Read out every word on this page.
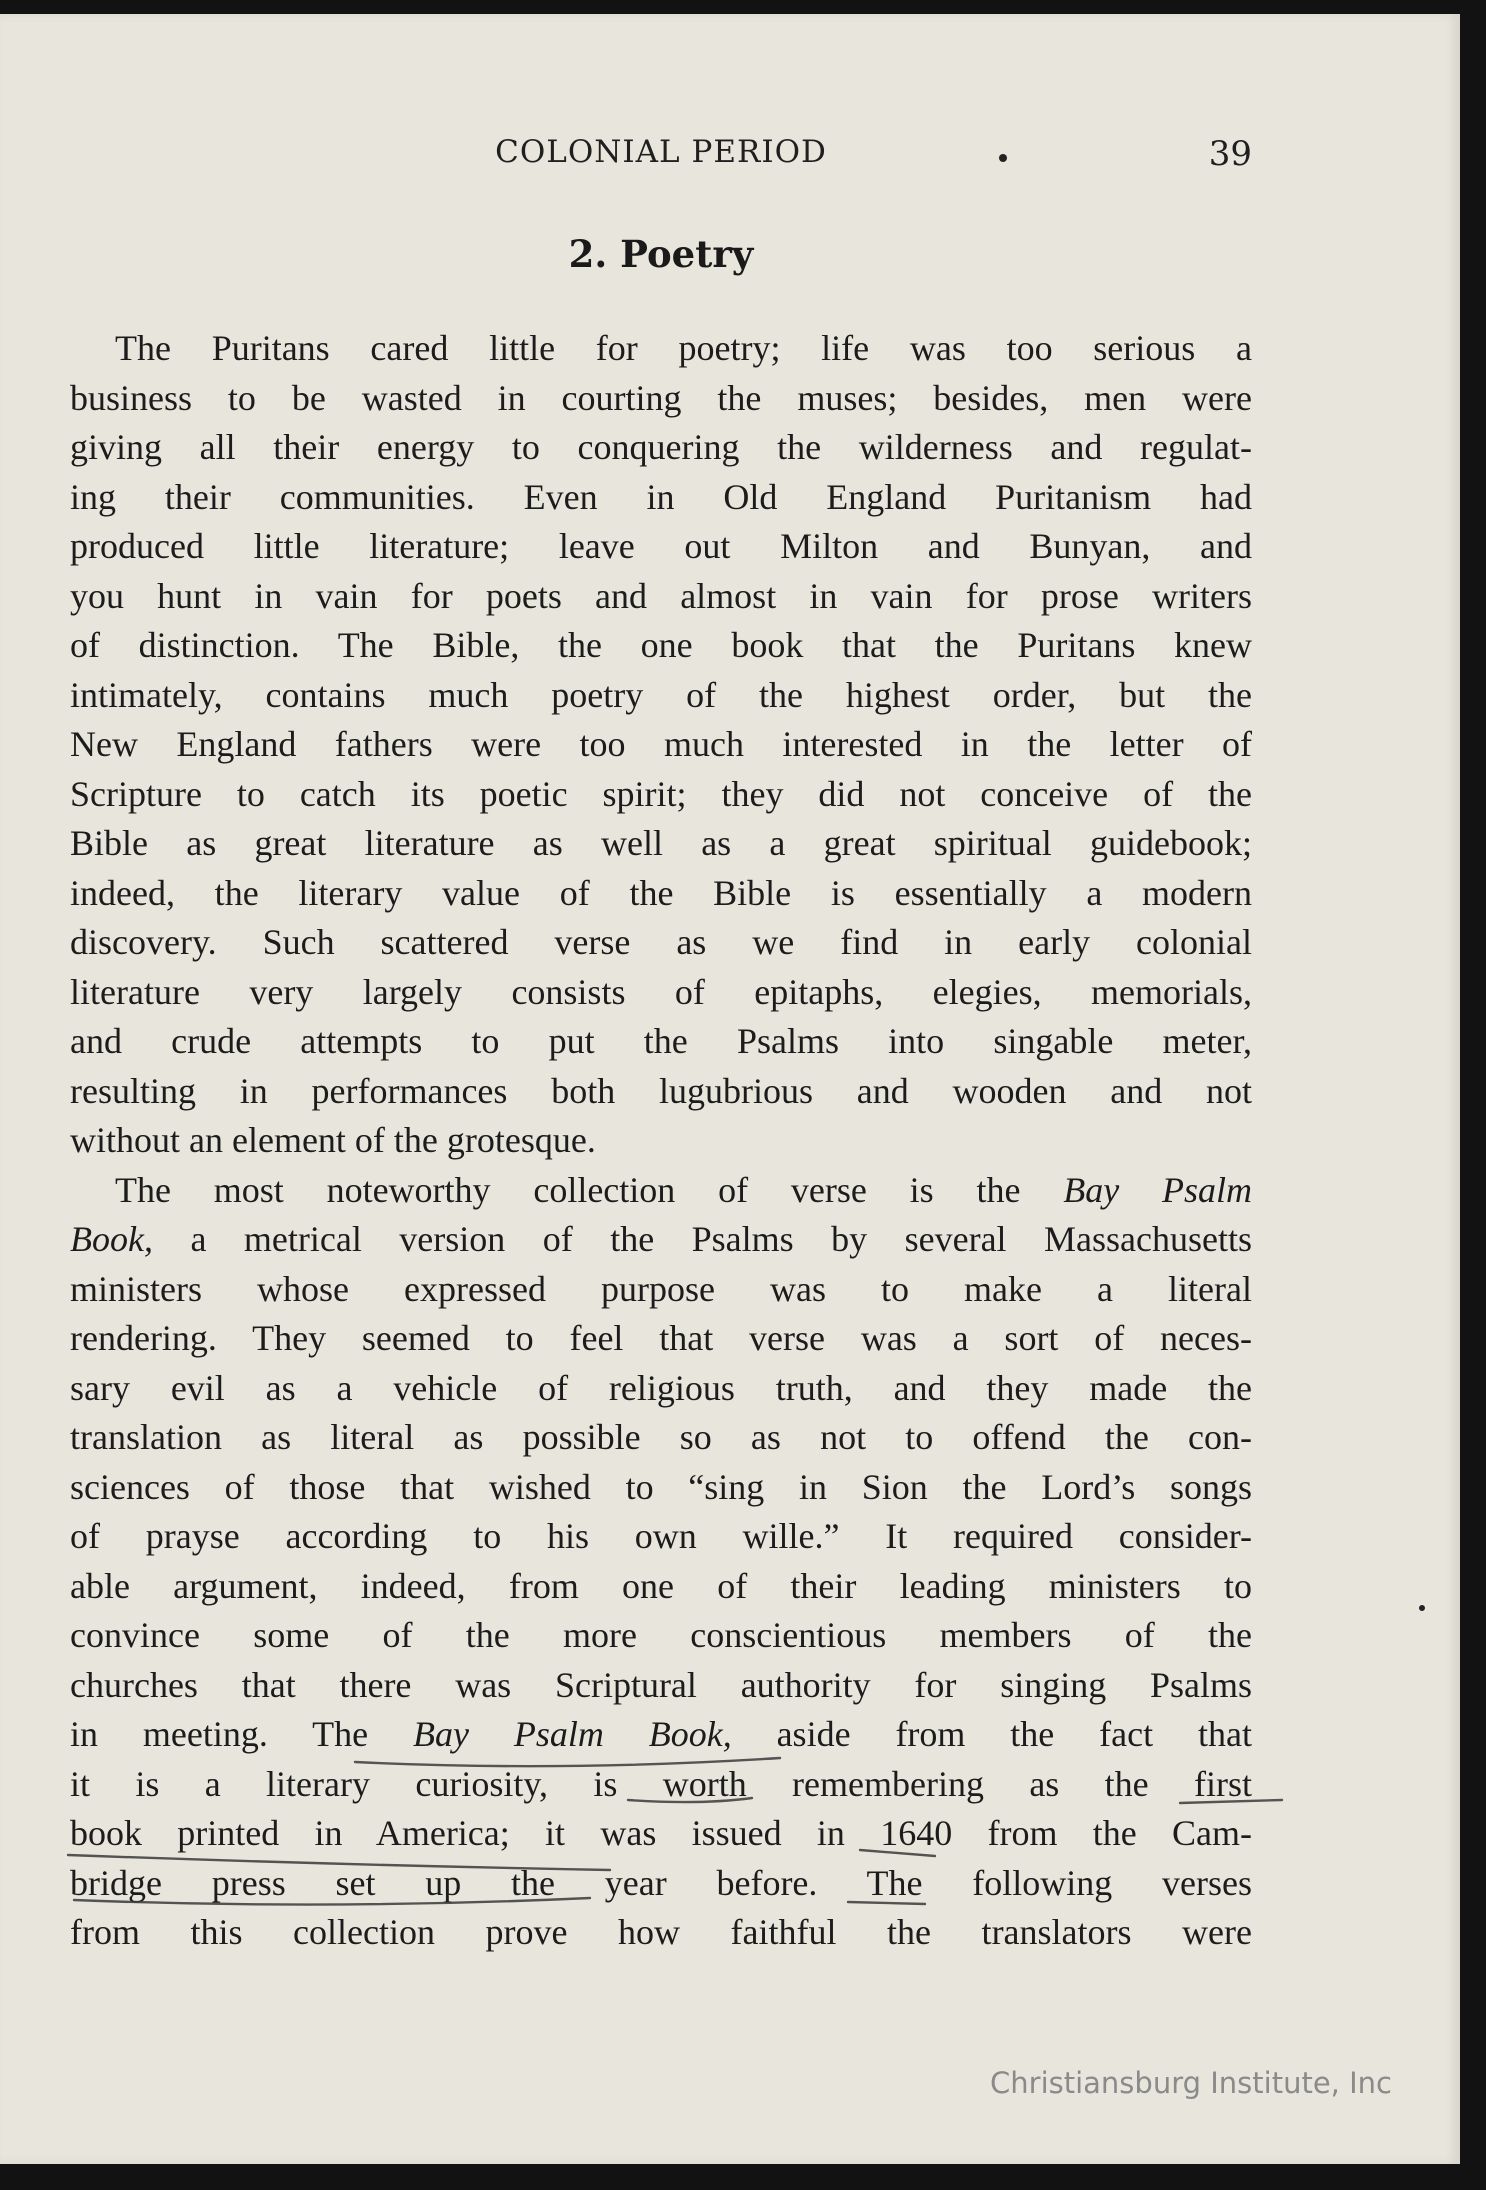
COLONIAL PERIOD	39
2. Poetry
The Puritans cared little for poetry; life was too serious a
business to be wasted in courting the muses; besides, men were
giving all their energy to conquering the wilderness and regulat-
ing their communities. Even in Old England Puritanism had
produced little literature; leave out Milton and Bunyan, and
you hunt in vain for poets and almost in vain for prose writers
of distinction. The Bible, the one book that the Puritans knew
intimately, contains much poetry of the highest order, but the
New England fathers were too much interested in the letter of
Scripture to catch its poetic spirit; they did not conceive of the
Bible as great literature as well as a great spiritual guidebook;
indeed, the literary value of the Bible is essentially a modern
discovery. Such scattered verse as we find in early colonial
literature very largely consists of epitaphs, elegies, memorials,
and crude attempts to put the Psalms into singable meter,
resulting in performances both lugubrious and wooden and not
without an element of the grotesque.
The most noteworthy collection of verse is the Bay Psalm
Book, a metrical version of the Psalms by several Massachusetts
ministers whose expressed purpose was to make a literal
rendering. They seemed to feel that verse was a sort of neces-
sary evil as a vehicle of religious truth, and they made the
translation as literal as possible so as not to offend the con-
sciences of those that wished to “sing in Sion the Lord’s songs
of prayse according to his own wille.” It required consider-
able argument, indeed, from one of their leading ministers to
convince some of the more conscientious members of the
churches that there was Scriptural authority for singing Psalms
in meeting. The Bay Psalm Book, aside from the fact that
it is a literary curiosity, is worth remembering as the first
book printed in America; it was issued in 1640 from the Cam-
bridge press set up the year before. The following verses
from this collection prove how faithful the translators were
Christiansburg Institute, Inc
